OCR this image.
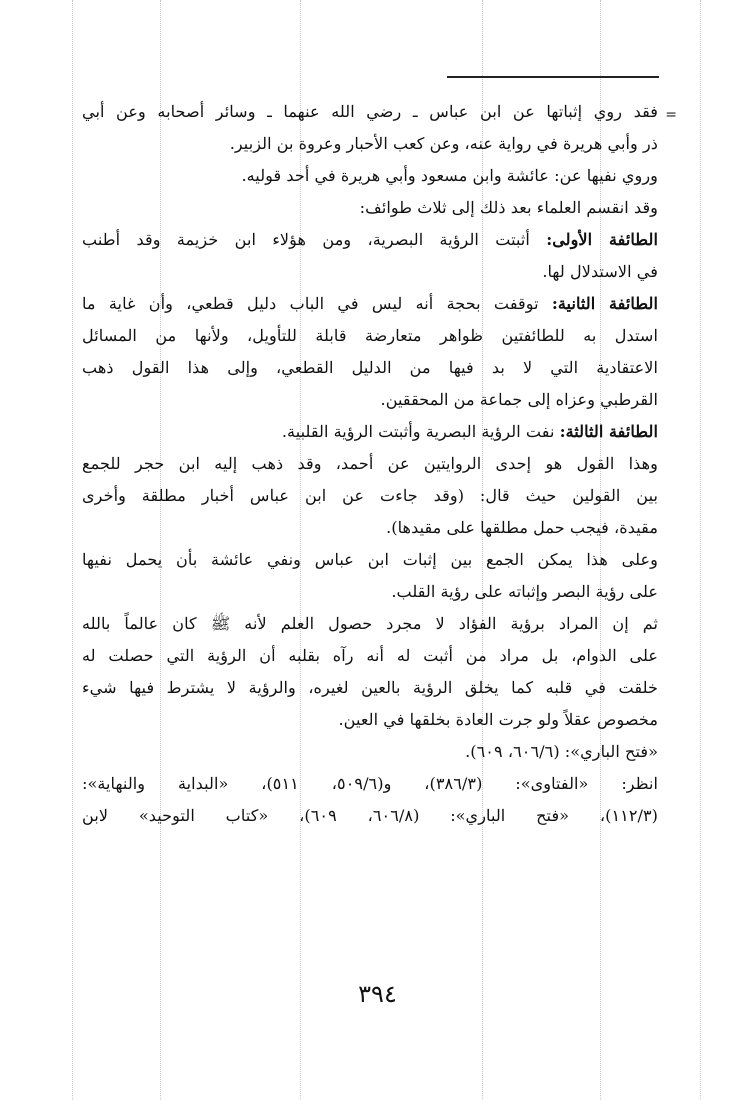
=
فقد روي إثباتها عن ابن عباس ـ رضي الله عنهما ـ وسائر أصحابه وعن أبي
ذر وأبي هريرة في رواية عنه، وعن كعب الأحبار وعروة بن الزبير.
وروي نفيها عن: عائشة وابن مسعود وأبي هريرة في أحد قوليه.
وقد انقسم العلماء بعد ذلك إلى ثلاث طوائف:
الطائفة الأولى: أثبتت الرؤية البصرية، ومن هؤلاء ابن خزيمة وقد أطنب
في الاستدلال لها.
الطائفة الثانية: توقفت بحجة أنه ليس في الباب دليل قطعي، وأن غاية ما
استدل به للطائفتين ظواهر متعارضة قابلة للتأويل، ولأنها من المسائل
الاعتقادية التي لا بد فيها من الدليل القطعي، وإلى هذا القول ذهب
القرطبي وعزاه إلى جماعة من المحققين.
الطائفة الثالثة: نفت الرؤية البصرية وأثبتت الرؤية القلبية.
وهذا القول هو إحدى الروايتين عن أحمد، وقد ذهب إليه ابن حجر للجمع
بين القولين حيث قال: (وقد جاءت عن ابن عباس أخبار مطلقة وأخرى
مقيدة، فيجب حمل مطلقها على مقيدها).
وعلى هذا يمكن الجمع بين إثبات ابن عباس ونفي عائشة بأن يحمل نفيها
على رؤية البصر وإثباته على رؤية القلب.
ثم إن المراد برؤية الفؤاد لا مجرد حصول العلم لأنه ﷺ كان عالماً بالله
على الدوام، بل مراد من أثبت له أنه رآه بقلبه أن الرؤية التي حصلت له
خلقت في قلبه كما يخلق الرؤية بالعين لغيره، والرؤية لا يشترط فيها شيء
مخصوص عقلاً ولو جرت العادة بخلقها في العين.
«فتح الباري»: (٦٠٦/٦، ٦٠٩).
انظر: «الفتاوى»: (٣٨٦/٣)، و(٥٠٩/٦، ٥١١)، «البداية والنهاية»:
(١١٢/٣)، «فتح الباري»: (٦٠٦/٨، ٦٠٩)، «كتاب التوحيد» لابن
٣٩٤
